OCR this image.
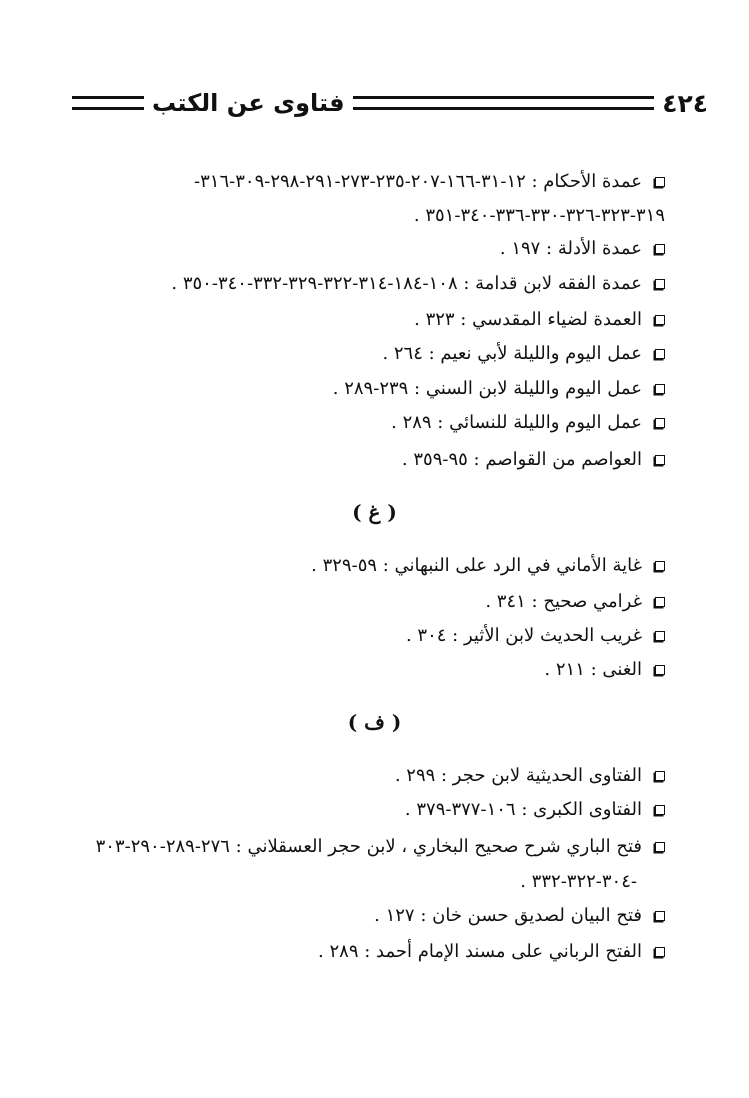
٤٢٤
فتاوى عن الكتب
عمدة الأحكام : ١٢-٣١-١٦٦-٢٠٧-٢٣٥-٢٧٣-٢٩١-٢٩٨-٣٠٩-٣١٦-
٣١٩-٣٢٣-٣٢٦-٣٣٠-٣٣٦-٣٤٠-٣٥١ .
عمدة الأدلة : ١٩٧ .
عمدة الفقه لابن قدامة : ١٠٨-١٨٤-٣١٤-٣٢٢-٣٢٩-٣٣٢-٣٤٠-٣٥٠ .
العمدة لضياء المقدسي : ٣٢٣ .
عمل اليوم والليلة لأبي نعيم : ٢٦٤ .
عمل اليوم والليلة لابن السني : ٢٣٩-٢٨٩ .
عمل اليوم والليلة للنسائي : ٢٨٩ .
العواصم من القواصم : ٩٥-٣٥٩ .
( غ )
غاية الأماني في الرد على النبهاني : ٥٩-٣٢٩ .
غرامي صحيح : ٣٤١ .
غريب الحديث لابن الأثير : ٣٠٤ .
الغنى : ٢١١ .
( ف )
الفتاوى الحديثية لابن حجر : ٢٩٩ .
الفتاوى الكبرى : ١٠٦-٣٧٧-٣٧٩ .
فتح الباري شرح صحيح البخاري ، لابن حجر العسقلاني : ٢٧٦-٢٨٩-٢٩٠-٣٠٣
-٣٠٤-٣٢٢-٣٣٢ .
فتح البيان لصديق حسن خان : ١٢٧ .
الفتح الرباني على مسند الإمام أحمد : ٢٨٩ .
